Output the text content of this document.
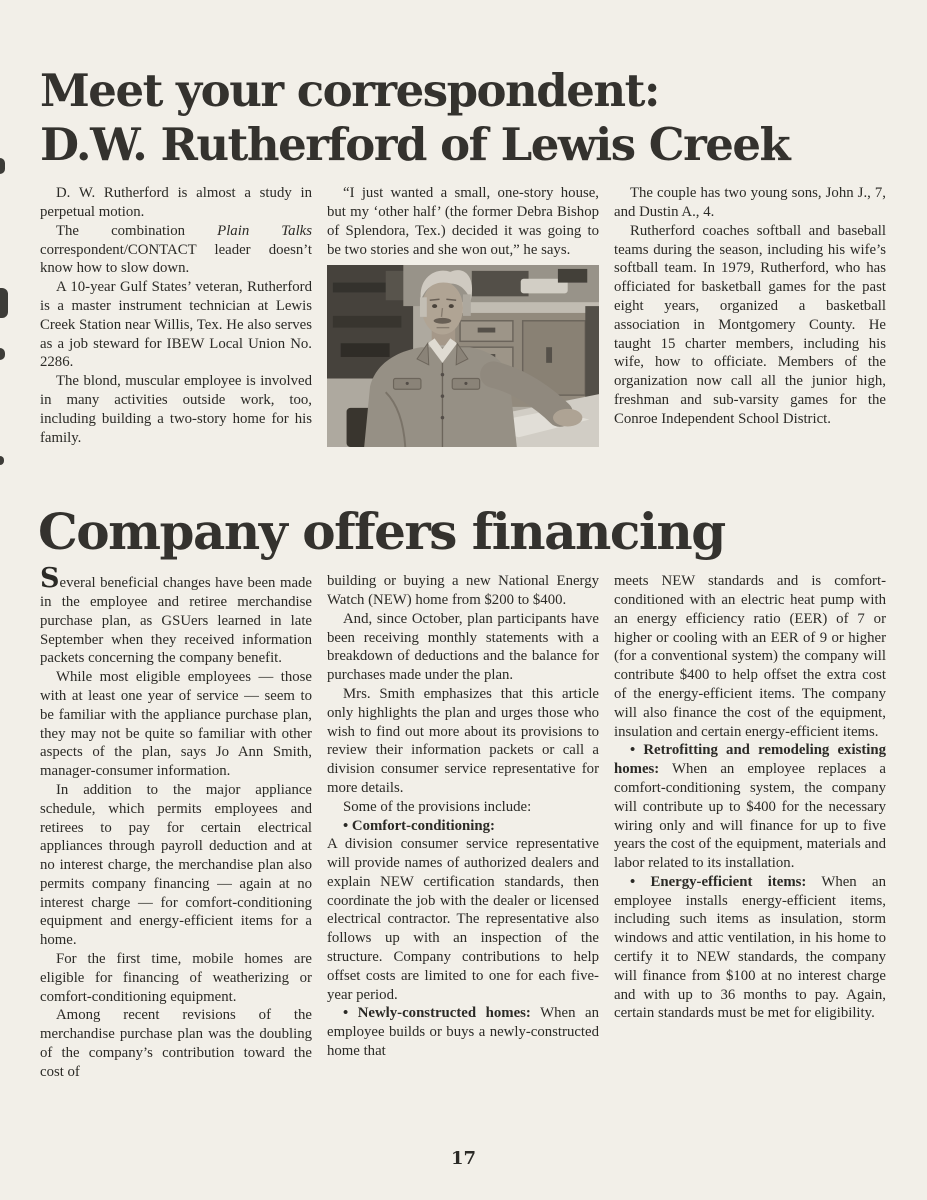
Meet your correspondent:
D.W. Rutherford of Lewis Creek

D. W. Rutherford is almost a study in perpetual motion.

The combination Plain Talks correspondent/CONTACT leader doesn’t know how to slow down.

A 10-year Gulf States’ veteran, Rutherford is a master instrument technician at Lewis Creek Station near Willis, Tex. He also serves as a job steward for IBEW Local Union No. 2286.

The blond, muscular employee is involved in many activities outside work, too, including building a two-story home for his family.

“I just wanted a small, one-story house, but my ‘other half’ (the former Debra Bishop of Splendora, Tex.) decided it was going to be two stories and she won out,” he says.

The couple has two young sons, John J., 7, and Dustin A., 4.

Rutherford coaches softball and baseball teams during the season, including his wife’s softball team. In 1979, Rutherford, who has officiated for basketball games for the past eight years, organized a basketball association in Montgomery County. He taught 15 charter members, including his wife, how to officiate. Members of the organization now call all the junior high, freshman and sub-varsity games for the Conroe Independent School District.

Company offers financing

Several beneficial changes have been made in the employee and retiree merchandise purchase plan, as GSUers learned in late September when they received information packets concerning the company benefit.

While most eligible employees — those with at least one year of service — seem to be familiar with the appliance purchase plan, they may not be quite so familiar with other aspects of the plan, says Jo Ann Smith, manager-consumer information.

In addition to the major appliance schedule, which permits employees and retirees to pay for certain electrical appliances through payroll deduction and at no interest charge, the merchandise plan also permits company financing — again at no interest charge — for comfort-conditioning equipment and energy-efficient items for a home.

For the first time, mobile homes are eligible for financing of weatherizing or comfort-conditioning equipment.

Among recent revisions of the merchandise purchase plan was the doubling of the company’s contribution toward the cost of

building or buying a new National Energy Watch (NEW) home from $200 to $400.

And, since October, plan participants have been receiving monthly statements with a breakdown of deductions and the balance for purchases made under the plan.

Mrs. Smith emphasizes that this article only highlights the plan and urges those who wish to find out more about its provisions to review their information packets or call a division consumer service representative for more details.

Some of the provisions include:

• Comfort-conditioning:

A division consumer service representative will provide names of authorized dealers and explain NEW certification standards, then coordinate the job with the dealer or licensed electrical contractor. The representative also follows up with an inspection of the structure. Company contributions to help offset costs are limited to one for each five-year period.

• Newly-constructed homes: When an employee builds or buys a newly-constructed home that

meets NEW standards and is comfort-conditioned with an electric heat pump with an energy efficiency ratio (EER) of 7 or higher or cooling with an EER of 9 or higher (for a conventional system) the company will contribute $400 to help offset the extra cost of the energy-efficient items. The company will also finance the cost of the equipment, insulation and certain energy-efficient items.

• Retrofitting and remodeling existing homes: When an employee replaces a comfort-conditioning system, the company will contribute up to $400 for the necessary wiring only and will finance for up to five years the cost of the equipment, materials and labor related to its installation.

• Energy-efficient items: When an employee installs energy-efficient items, including such items as insulation, storm windows and attic ventilation, in his home to certify it to NEW standards, the company will finance from $100 at no interest charge and with up to 36 months to pay. Again, certain standards must be met for eligibility.

17
